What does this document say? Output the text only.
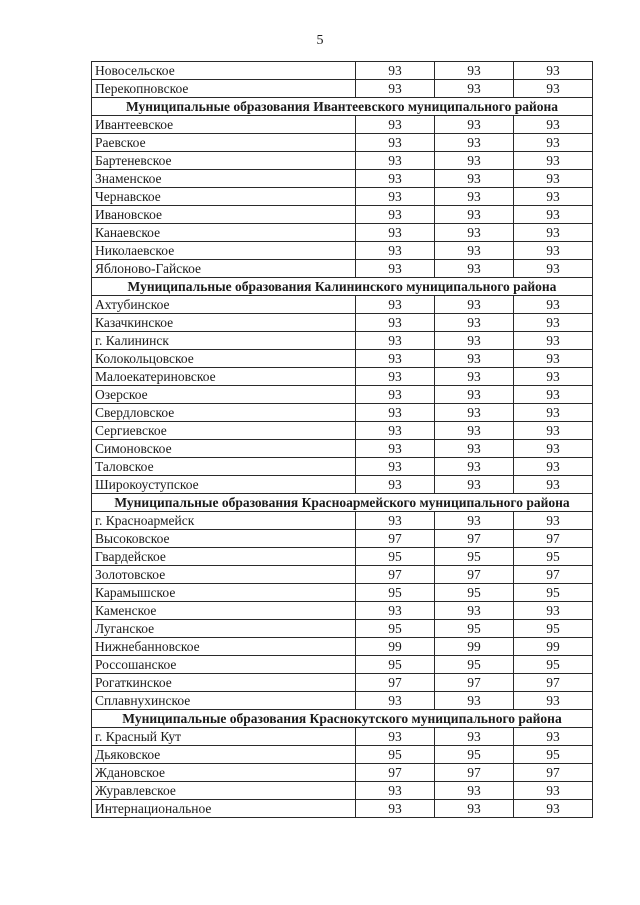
5
Новосельское	93	93	93
Перекопновское	93	93	93
Муниципальные образования Ивантеевского муниципального района			
Ивантеевское	93	93	93
Раевское	93	93	93
Бартеневское	93	93	93
Знаменское	93	93	93
Чернавское	93	93	93
Ивановское	93	93	93
Канаевское	93	93	93
Николаевское	93	93	93
Яблоново-Гайское	93	93	93
Муниципальные образования Калининского муниципального района			
Ахтубинское	93	93	93
Казачкинское	93	93	93
г. Калининск	93	93	93
Колокольцовское	93	93	93
Малоекатериновское	93	93	93
Озерское	93	93	93
Свердловское	93	93	93
Сергиевское	93	93	93
Симоновское	93	93	93
Таловское	93	93	93
Широкоуступское	93	93	93
Муниципальные образования Красноармейского муниципального района			
г. Красноармейск	93	93	93
Высоковское	97	97	97
Гвардейское	95	95	95
Золотовское	97	97	97
Карамышское	95	95	95
Каменское	93	93	93
Луганское	95	95	95
Нижнебанновское	99	99	99
Россошанское	95	95	95
Рогаткинское	97	97	97
Сплавнухинское	93	93	93
Муниципальные образования Краснокутского муниципального района			
г. Красный Кут	93	93	93
Дьяковское	95	95	95
Ждановское	97	97	97
Журавлевское	93	93	93
Интернациональное	93	93	93
